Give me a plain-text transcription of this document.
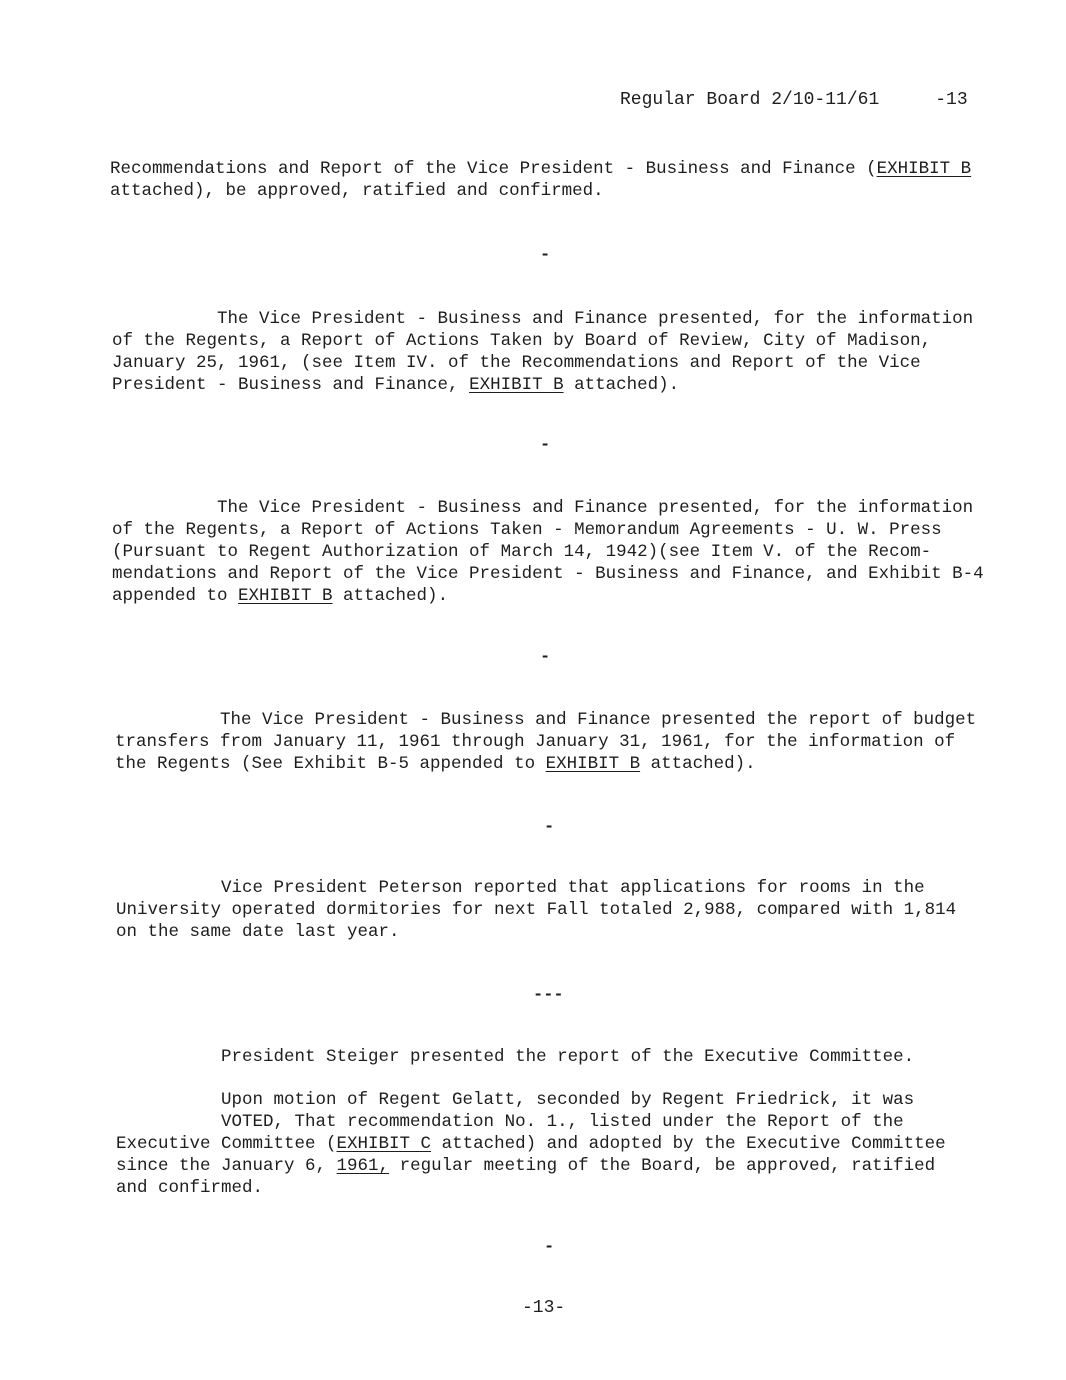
Regular Board 2/10-11/61	-13
Recommendations and Report of the Vice President - Business and Finance (EXHIBIT B
attached), be approved, ratified and confirmed.
-
The Vice President - Business and Finance presented, for the information
of the Regents, a Report of Actions Taken by Board of Review, City of Madison,
January 25, 1961, (see Item IV. of the Recommendations and Report of the Vice
President - Business and Finance, EXHIBIT B attached).
-
The Vice President - Business and Finance presented, for the information
of the Regents, a Report of Actions Taken - Memorandum Agreements - U. W. Press
(Pursuant to Regent Authorization of March 14, 1942)(see Item V. of the Recom-
mendations and Report of the Vice President - Business and Finance, and Exhibit B-4
appended to EXHIBIT B attached).
-
The Vice President - Business and Finance presented the report of budget
transfers from January 11, 1961 through January 31, 1961, for the information of
the Regents (See Exhibit B-5 appended to EXHIBIT B attached).
-
Vice President Peterson reported that applications for rooms in the
University operated dormitories for next Fall totaled 2,988, compared with 1,814
on the same date last year.
---
President Steiger presented the report of the Executive Committee.
Upon motion of Regent Gelatt, seconded by Regent Friedrick, it was
VOTED, That recommendation No. 1., listed under the Report of the
Executive Committee (EXHIBIT C attached) and adopted by the Executive Committee
since the January 6, 1961, regular meeting of the Board, be approved, ratified
and confirmed.
-
-13-
